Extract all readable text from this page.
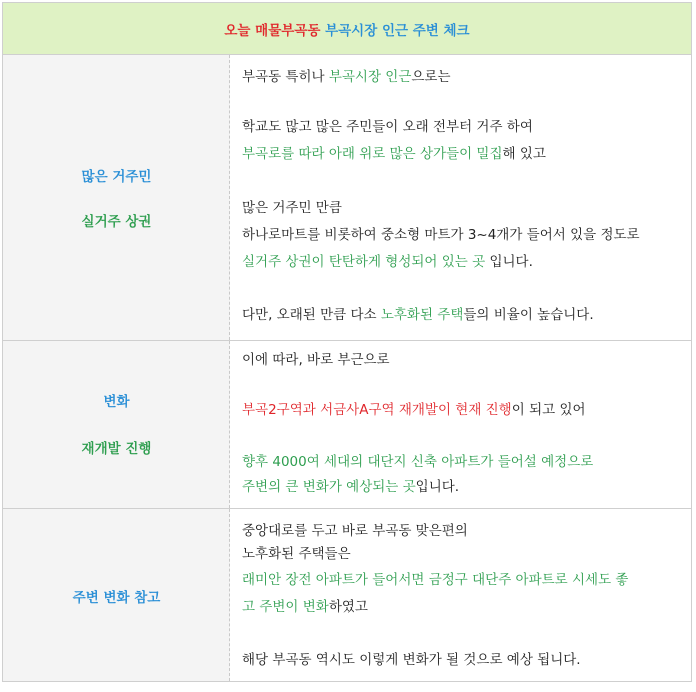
오늘 매물 부곡동 부곡시장 인근 주변 체크
많은 거주민
실거주 상권
부곡동 특히나 부곡시장 인근으로는
학교도 많고 많은 주민들이 오래 전부터 거주 하여
부곡로를 따라 아래 위로 많은 상가들이 밀집해 있고
많은 거주민 만큼
하나로마트를 비롯하여 중소형 마트가 3~4개가 들어서 있을 정도로
실거주 상권이 탄탄하게 형성되어 있는 곳 입니다.
다만, 오래된 만큼 다소 노후화된 주택들의 비율이 높습니다.
변화
재개발 진행
이에 따라, 바로 부근으로
부곡2구역과 서금사A구역 재개발이 현재 진행이 되고 있어
향후 4000여 세대의 대단지 신축 아파트가 들어설 예정으로
주변의 큰 변화가 예상되는 곳입니다.
주변 변화 참고
중앙대로를 두고 바로 부곡동 맞은편의
노후화된 주택들은
래미안 장전 아파트가 들어서면 금정구 대단주 아파트로 시세도 좋
고 주변이 변화하였고
해당 부곡동 역시도 이렇게 변화가 될 것으로 예상 됩니다.
